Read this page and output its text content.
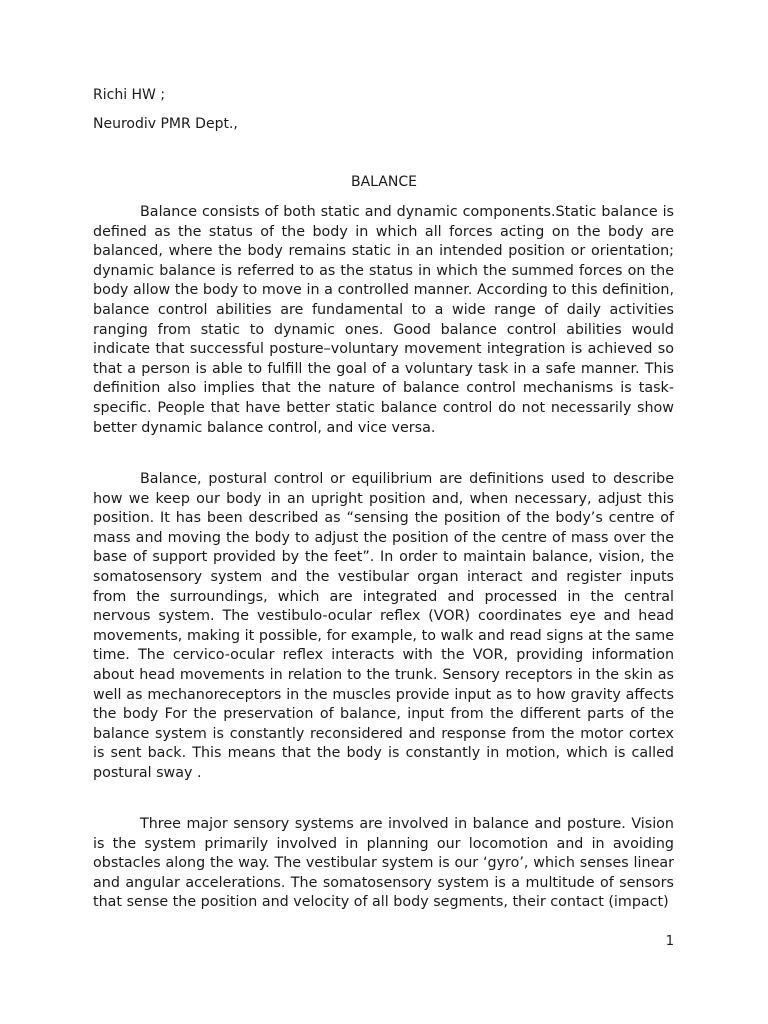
Richi HW ;
Neurodiv PMR Dept.,
BALANCE

Balance consists of both static and dynamic components.Static balance is defined as the status of the body in which all forces acting on the body are balanced, where the body remains static in an intended position or orientation; dynamic balance is referred to as the status in which the summed forces on the body allow the body to move in a controlled manner. According to this definition, balance control abilities are fundamental to a wide range of daily activities ranging from static to dynamic ones. Good balance control abilities would indicate that successful posture–voluntary movement integration is achieved so that a person is able to fulfill the goal of a voluntary task in a safe manner. This definition also implies that the nature of balance control mechanisms is task-specific. People that have better static balance control do not necessarily show better dynamic balance control, and vice versa.

Balance, postural control or equilibrium are definitions used to describe how we keep our body in an upright position and, when necessary, adjust this position. It has been described as “sensing the position of the body’s centre of mass and moving the body to adjust the position of the centre of mass over the base of support provided by the feet”. In order to maintain balance, vision, the somatosensory system and the vestibular organ interact and register inputs from the surroundings, which are integrated and processed in the central nervous system. The vestibulo-ocular reflex (VOR) coordinates eye and head movements, making it possible, for example, to walk and read signs at the same time. The cervico-ocular reflex interacts with the VOR, providing information about head movements in relation to the trunk. Sensory receptors in the skin as well as mechanoreceptors in the muscles provide input as to how gravity affects the body For the preservation of balance, input from the different parts of the balance system is constantly reconsidered and response from the motor cortex is sent back. This means that the body is constantly in motion, which is called postural sway .

Three major sensory systems are involved in balance and posture. Vision is the system primarily involved in planning our locomotion and in avoiding obstacles along the way. The vestibular system is our ‘gyro’, which senses linear and angular accelerations. The somatosensory system is a multitude of sensors that sense the position and velocity of all body segments, their contact (impact)

1
